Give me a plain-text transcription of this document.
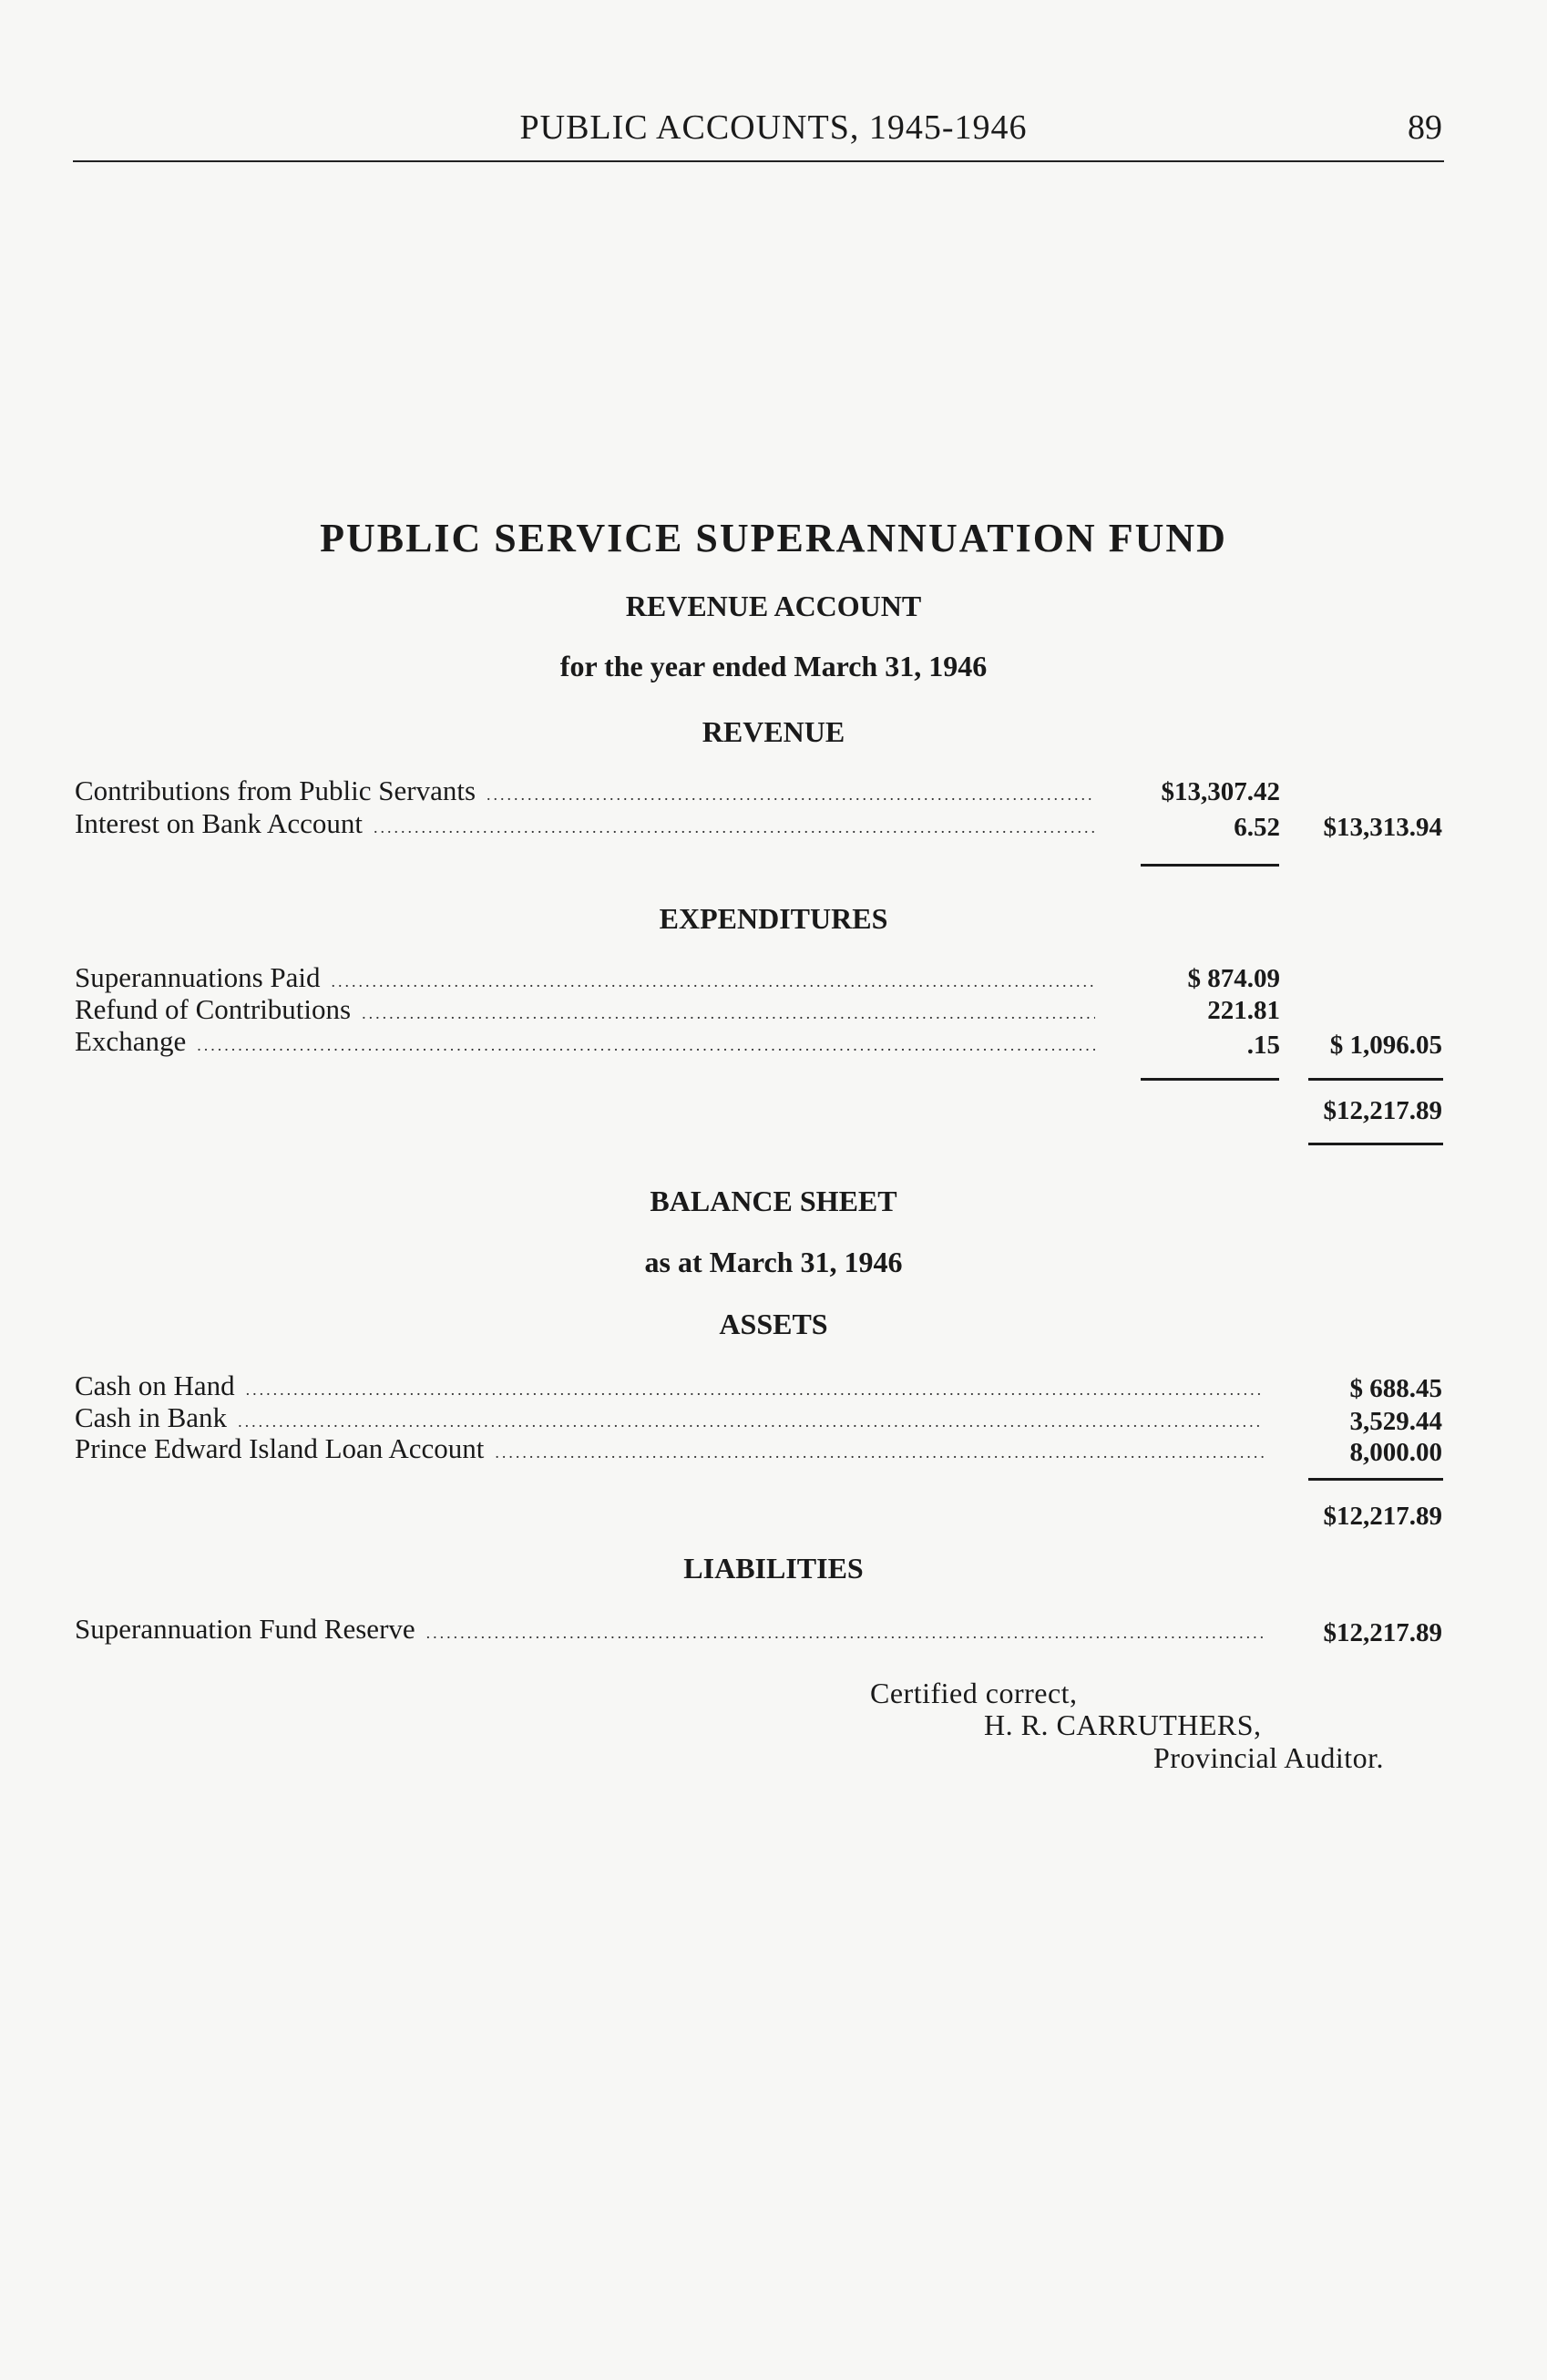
PUBLIC ACCOUNTS, 1945-1946	89
PUBLIC SERVICE SUPERANNUATION FUND
REVENUE ACCOUNT
for the year ended March 31, 1946
REVENUE
Contributions from Public Servants .....	$13,307.42
Interest on Bank Account .....	6.52 $13,313.94
EXPENDITURES
Superannuations Paid .....	$ 874.09
Refund of Contributions .....	221.81
Exchange .....	.15 $ 1,096.05
$12,217.89
BALANCE SHEET
as at March 31, 1946
ASSETS
Cash on Hand .....	$ 688.45
Cash in Bank .....	3,529.44
Prince Edward Island Loan Account .....	8,000.00
$12,217.89
LIABILITIES
Superannuation Fund Reserve .....	$12,217.89
Certified correct,
H. R. CARRUTHERS,
Provincial Auditor.
